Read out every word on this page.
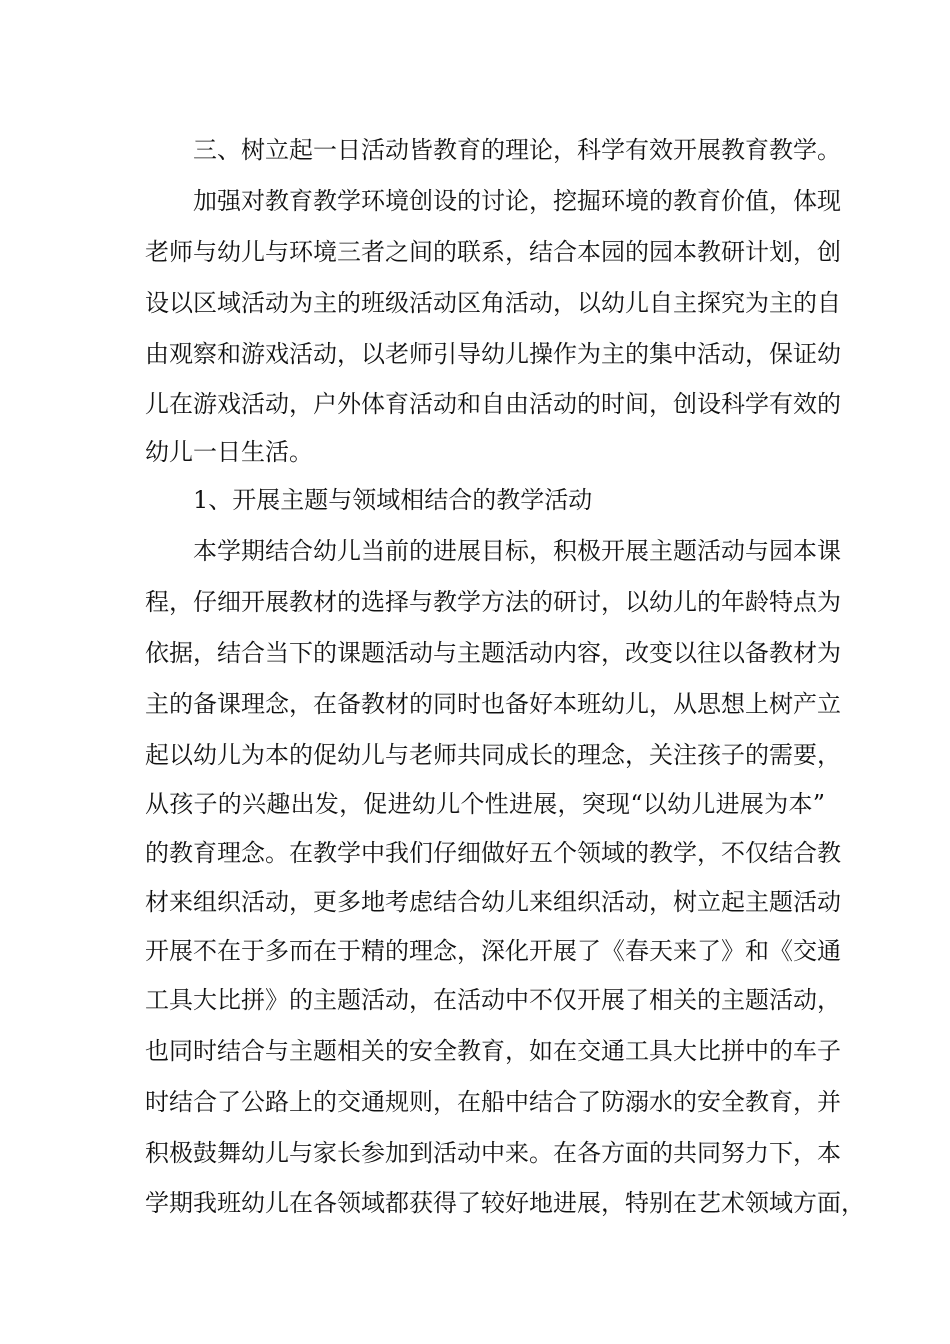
三、树立起一日活动皆教育的理论，科学有效开展教育教学。
加强对教育教学环境创设的讨论，挖掘环境的教育价值，体现
老师与幼儿与环境三者之间的联系，结合本园的园本教研计划，创
设以区域活动为主的班级活动区角活动，以幼儿自主探究为主的自
由观察和游戏活动，以老师引导幼儿操作为主的集中活动，保证幼
儿在游戏活动，户外体育活动和自由活动的时间，创设科学有效的
幼儿一日生活。
1、开展主题与领域相结合的教学活动
本学期结合幼儿当前的进展目标，积极开展主题活动与园本课
程，仔细开展教材的选择与教学方法的研讨，以幼儿的年龄特点为
依据，结合当下的课题活动与主题活动内容，改变以往以备教材为
主的备课理念，在备教材的同时也备好本班幼儿，从思想上树产立
起以幼儿为本的促幼儿与老师共同成长的理念，关注孩子的需要，
从孩子的兴趣出发，促进幼儿个性进展，突现“以幼儿进展为本”
的教育理念。在教学中我们仔细做好五个领域的教学，不仅结合教
材来组织活动，更多地考虑结合幼儿来组织活动，树立起主题活动
开展不在于多而在于精的理念，深化开展了《春天来了》和《交通
工具大比拼》的主题活动，在活动中不仅开展了相关的主题活动，
也同时结合与主题相关的安全教育，如在交通工具大比拼中的车子
时结合了公路上的交通规则，在船中结合了防溺水的安全教育，并
积极鼓舞幼儿与家长参加到活动中来。在各方面的共同努力下，本
学期我班幼儿在各领域都获得了较好地进展，特别在艺术领域方面，
